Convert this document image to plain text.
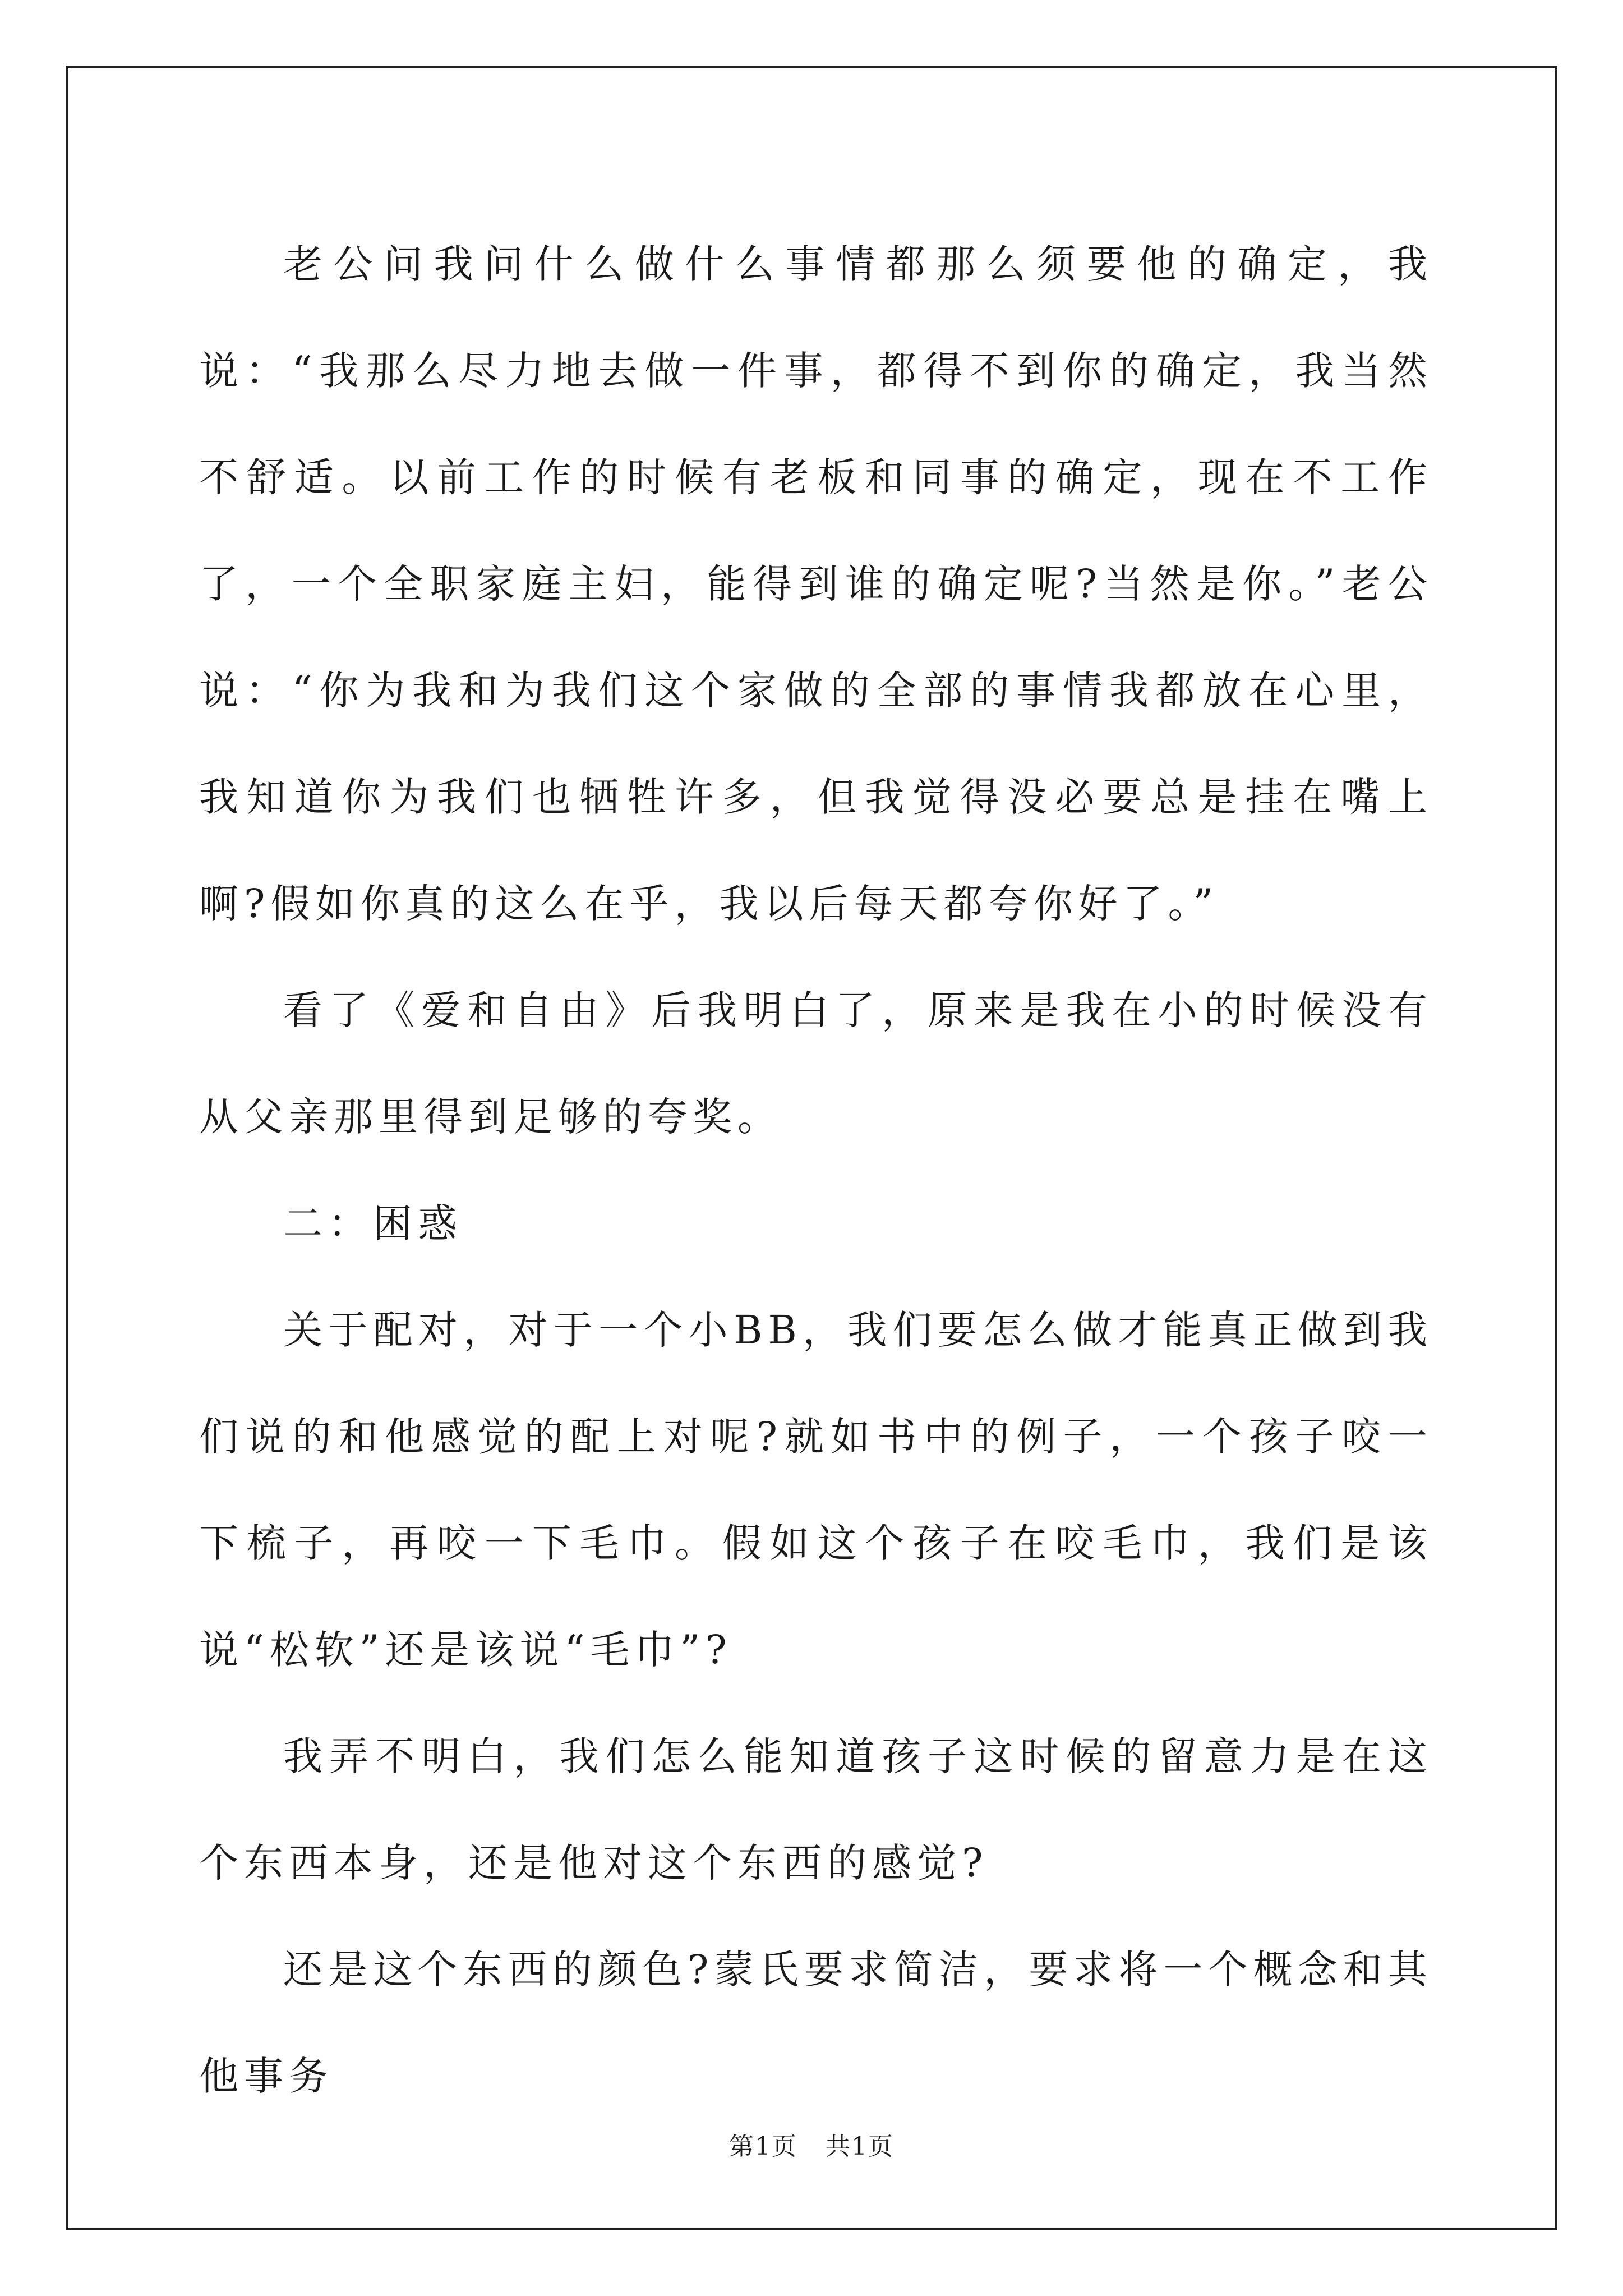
老公问我问什么做什么事情都那么须要他的确定，我说：“我那么尽力地去做一件事，都得不到你的确定，我当然不舒适。以前工作的时候有老板和同事的确定，现在不工作了，一个全职家庭主妇，能得到谁的确定呢?当然是你。”老公说：“你为我和为我们这个家做的全部的事情我都放在心里，我知道你为我们也牺牲许多，但我觉得没必要总是挂在嘴上啊?假如你真的这么在乎，我以后每天都夸你好了。”

看了《爱和自由》后我明白了，原来是我在小的时候没有从父亲那里得到足够的夸奖。

二：困惑

关于配对，对于一个小BB，我们要怎么做才能真正做到我们说的和他感觉的配上对呢?就如书中的例子，一个孩子咬一下梳子，再咬一下毛巾。假如这个孩子在咬毛巾，我们是该说“松软”还是该说“毛巾”?

我弄不明白，我们怎么能知道孩子这时候的留意力是在这个东西本身，还是他对这个东西的感觉?

还是这个东西的颜色?蒙氏要求简洁，要求将一个概念和其他事务

第1页 共1页
